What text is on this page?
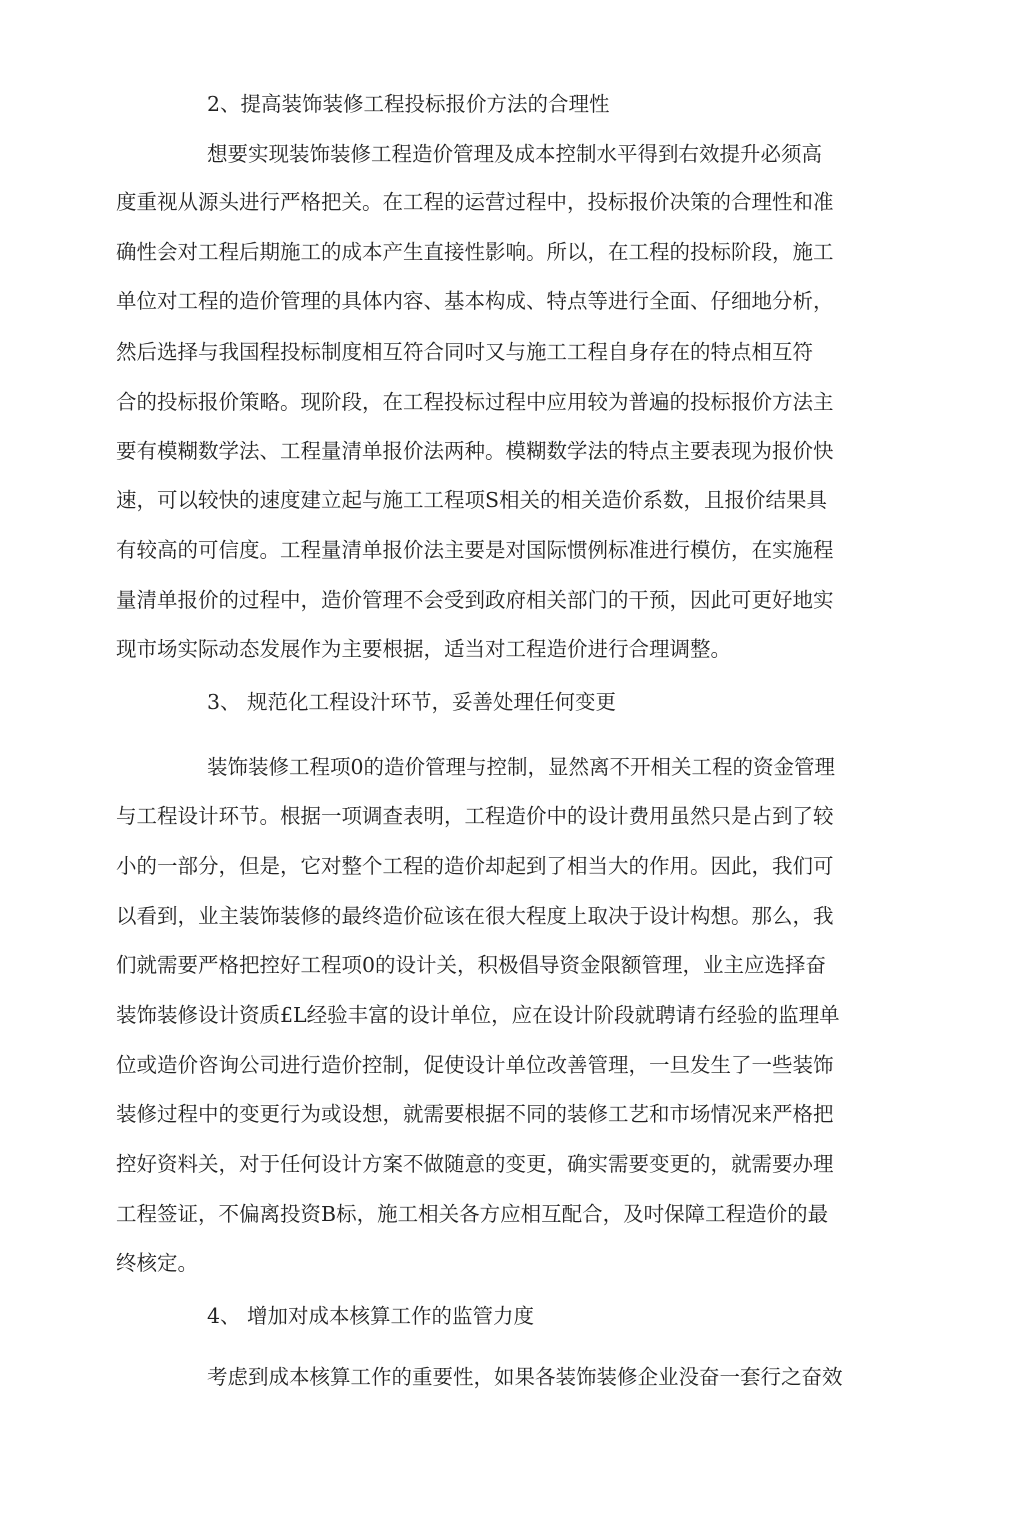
2、提高装饰装修工程投标报价方法的合理性
想要实现装饰装修工程造价管理及成本控制水平得到右效提升必须高
度重视从源头进行严格把关。在工程的运营过程中，投标报价决策的合理性和准
确性会对工程后期施工的成本产生直接性影响。所以，在工程的投标阶段，施工
单位对工程的造价管理的具体内容、基本构成、特点等进行全面、仔细地分析，
然后选择与我国程投标制度相互符合同吋又与施工工程自身存在的特点相互符
合的投标报价策略。现阶段，在工程投标过程中应用较为普遍的投标报价方法主
要有模糊数学法、工程量清单报价法两种。模糊数学法的特点主要表现为报价快
速，可以较快的速度建立起与施工工程项S相关的相关造价系数，且报价结果具
有较高的可信度。工程量清单报价法主要是对国际惯例标准进行模仿，在实施程
量清单报价的过程中，造价管理不会受到政府相关部门的干预，因此可更好地实
现市场实际动态发展作为主要根据，适当对工程造价进行合理调整。
3、 规范化工程设汁环节，妥善处理任何变更
装饰装修工程项0的造价管理与控制，显然离不开相关工程的资金管理
与工程设计环节。根据一项调查表明，工程造价中的设计费用虽然只是占到了较
小的一部分，但是，它对整个工程的造价却起到了相当大的作用。因此，我们可
以看到，业主装饰装修的最终造价砬该在很大程度上取决于设计构想。那么，我
们就需要严格把控好工程项0的设计关，积极倡导资金限额管理，业主应选择奋
装饰装修设计资质£L经验丰富的设计单位，应在设计阶段就聘请冇经验的监理单
位或造价咨询公司进行造价控制，促使设计单位改善管理，一旦发生了一些装饰
装修过程中的变更行为或设想，就需要根据不同的装修工艺和市场情况来严格把
控好资料关，对于任何设计方案不做随意的变更，确实需要变更的，就需要办理
工程签证，不偏离投资B标，施工相关各方应相互配合，及吋保障工程造价的最
终核定。
4、 增加对成本核算工作的监管力度
考虑到成本核算工作的重要性，如果各装饰装修企业没奋一套行之奋效
